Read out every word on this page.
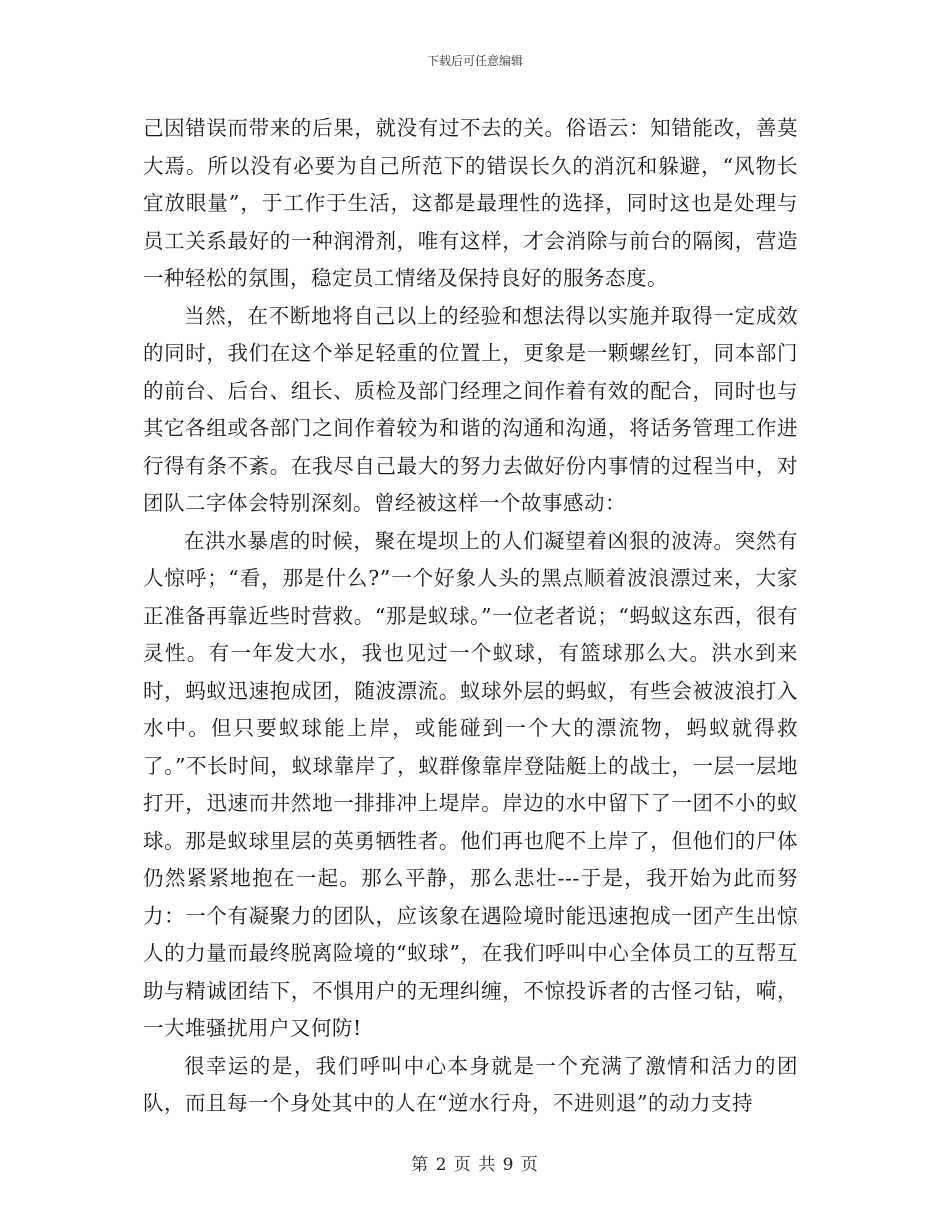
下载后可任意编辑

己因错误而带来的后果，就没有过不去的关。俗语云：知错能改，善莫大焉。所以没有必要为自己所范下的错误长久的消沉和躲避，“风物长宜放眼量”，于工作于生活，这都是最理性的选择，同时这也是处理与员工关系最好的一种润滑剂，唯有这样，才会消除与前台的隔阂，营造一种轻松的氛围，稳定员工情绪及保持良好的服务态度。

当然，在不断地将自己以上的经验和想法得以实施并取得一定成效的同时，我们在这个举足轻重的位置上，更象是一颗螺丝钉，同本部门的前台、后台、组长、质检及部门经理之间作着有效的配合，同时也与其它各组或各部门之间作着较为和谐的沟通和沟通，将话务管理工作进行得有条不紊。在我尽自己最大的努力去做好份内事情的过程当中，对团队二字体会特别深刻。曾经被这样一个故事感动：

在洪水暴虐的时候，聚在堤坝上的人们凝望着凶狠的波涛。突然有人惊呼；“看，那是什么?”一个好象人头的黑点顺着波浪漂过来，大家正准备再靠近些时营救。“那是蚁球。”一位老者说；“蚂蚁这东西，很有灵性。有一年发大水，我也见过一个蚁球，有篮球那么大。洪水到来时，蚂蚁迅速抱成团，随波漂流。蚁球外层的蚂蚁，有些会被波浪打入水中。但只要蚁球能上岸，或能碰到一个大的漂流物，蚂蚁就得救了。”不长时间，蚁球靠岸了，蚁群像靠岸登陆艇上的战士，一层一层地打开，迅速而井然地一排排冲上堤岸。岸边的水中留下了一团不小的蚁球。那是蚁球里层的英勇牺牲者。他们再也爬不上岸了，但他们的尸体仍然紧紧地抱在一起。那么平静，那么悲壮---于是，我开始为此而努力：一个有凝聚力的团队，应该象在遇险境时能迅速抱成一团产生出惊人的力量而最终脱离险境的“蚁球”，在我们呼叫中心全体员工的互帮互助与精诚团结下，不惧用户的无理纠缠，不惊投诉者的古怪刁钻，嗬，一大堆骚扰用户又何防!

很幸运的是，我们呼叫中心本身就是一个充满了激情和活力的团队，而且每一个身处其中的人在“逆水行舟，不进则退”的动力支持

第 2 页 共 9 页
